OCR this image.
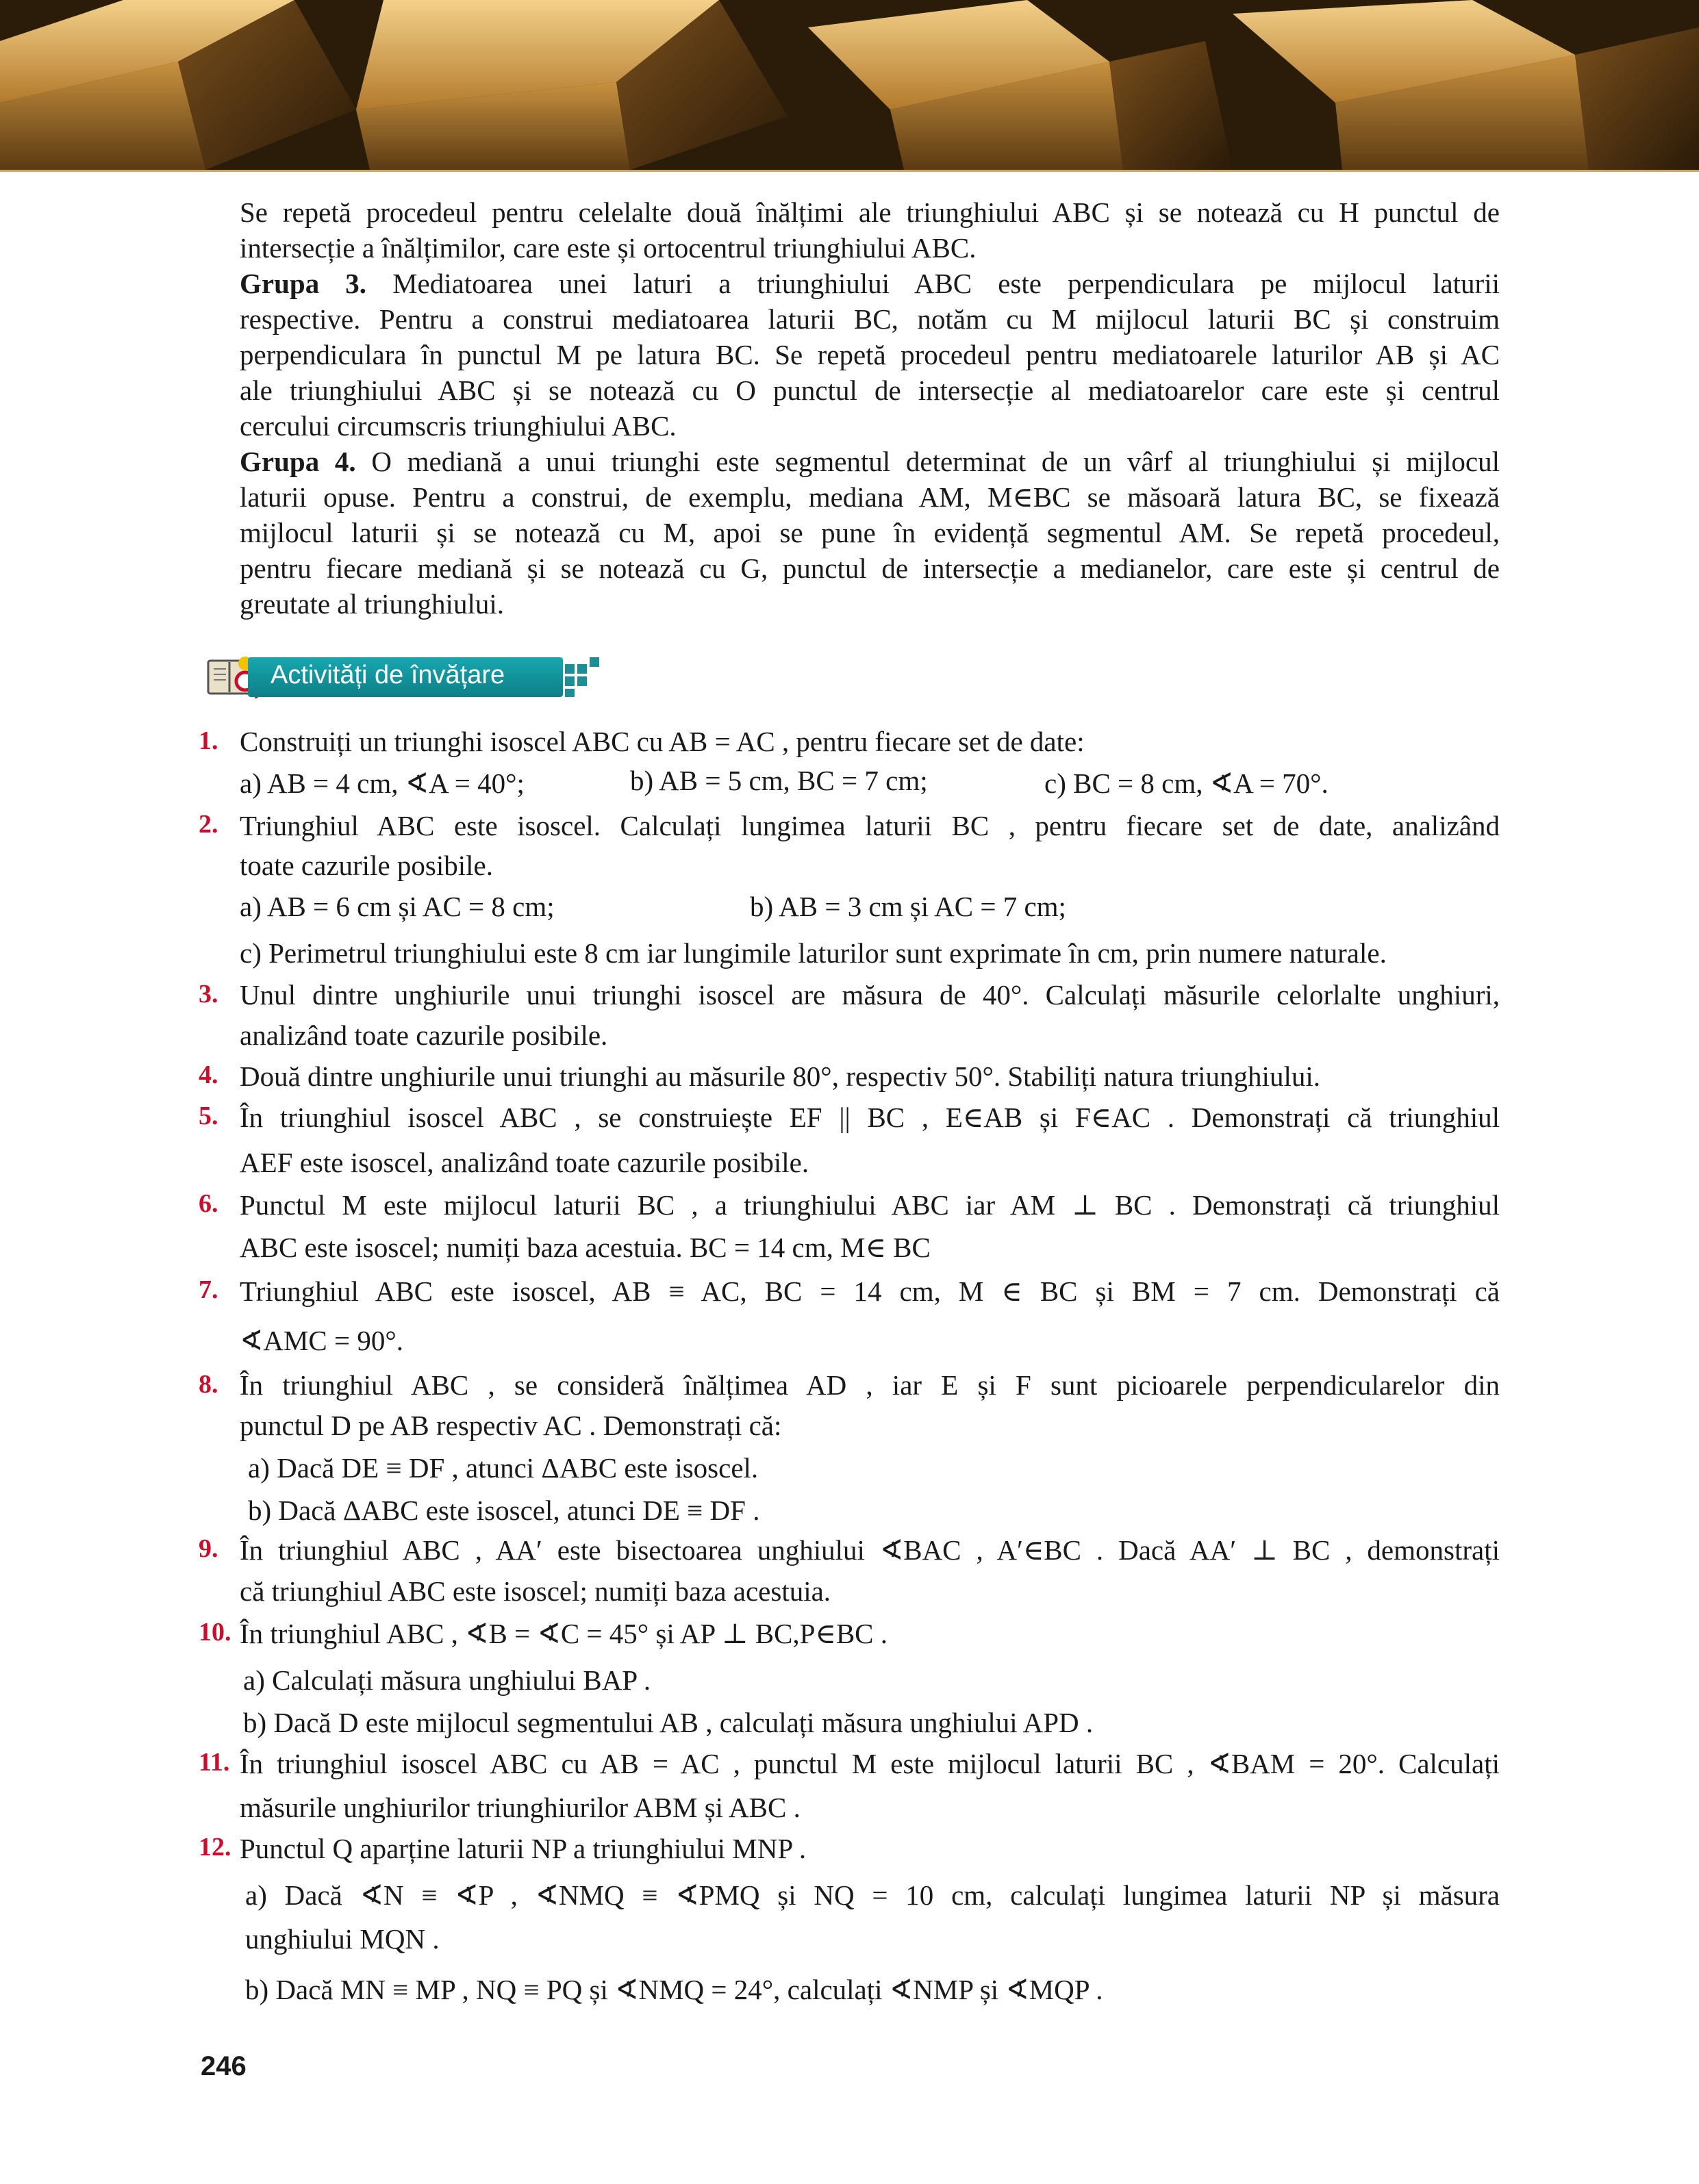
Se repetă procedeul pentru celelalte două înălțimi ale triunghiului ABC și se notează cu H punctul de

intersecție a înălțimilor, care este și ortocentrul triunghiului ABC.

Grupa 3. Mediatoarea unei laturi a triunghiului ABC este perpendiculara pe mijlocul laturii

respective. Pentru a construi mediatoarea laturii BC, notăm cu M mijlocul laturii BC și construim

perpendiculara în punctul M pe latura BC. Se repetă procedeul pentru mediatoarele laturilor AB și AC

ale triunghiului ABC și se notează cu O punctul de intersecție al mediatoarelor care este și centrul

cercului circumscris triunghiului ABC.

Grupa 4. O mediană a unui triunghi este segmentul determinat de un vârf al triunghiului și mijlocul

laturii opuse. Pentru a construi, de exemplu, mediana AM, M∈BC se măsoară latura BC, se fixează

mijlocul laturii și se notează cu M, apoi se pune în evidență segmentul AM. Se repetă procedeul,

pentru fiecare mediană și se notează cu G, punctul de intersecție a medianelor, care este și centrul de

greutate al triunghiului.

Activități de învățare
1. Construiți un triunghi isoscel ABC cu AB = AC , pentru fiecare set de date:

a) AB = 4 cm, ∢A = 40°;	b) AB = 5 cm, BC = 7 cm;	c) BC = 8 cm, ∢A = 70°.
2. Triunghiul ABC este isoscel. Calculați lungimea laturii BC , pentru fiecare set de date, analizând

toate cazurile posibile.

a) AB = 6 cm și AC = 8 cm;	b) AB = 3 cm și AC = 7 cm;
c) Perimetrul triunghiului este 8 cm iar lungimile laturilor sunt exprimate în cm, prin numere naturale.
3. Unul dintre unghiurile unui triunghi isoscel are măsura de 40°. Calculați măsurile celorlalte unghiuri,

analizând toate cazurile posibile.

4. Două dintre unghiurile unui triunghi au măsurile 80°, respectiv 50°. Stabiliți natura triunghiului.

5. În triunghiul isoscel ABC , se construiește EF || BC , E∈AB și F∈AC . Demonstrați că triunghiul

AEF este isoscel, analizând toate cazurile posibile.

6. Punctul M este mijlocul laturii BC , a triunghiului ABC iar AM ⊥ BC . Demonstrați că triunghiul

ABC este isoscel; numiți baza acestuia. BC = 14 cm, M∈ BC

7. Triunghiul ABC este isoscel, AB ≡ AC, BC = 14 cm, M ∈ BC și BM = 7 cm. Demonstrați că

∢AMC = 90°.

8. În triunghiul ABC , se consideră înălțimea AD , iar E și F sunt picioarele perpendicularelor din

punctul D pe AB respectiv AC . Demonstrați că:

a) Dacă DE ≡ DF , atunci ΔABC este isoscel.
b) Dacă ΔABC este isoscel, atunci DE ≡ DF .
9. În triunghiul ABC , AA′ este bisectoarea unghiului ∢BAC , A′∈BC . Dacă AA′ ⊥ BC , demonstrați

că triunghiul ABC este isoscel; numiți baza acestuia.

10. În triunghiul ABC , ∢B = ∢C = 45° și AP ⊥ BC,P∈BC .

a) Calculați măsura unghiului BAP .
b) Dacă D este mijlocul segmentului AB , calculați măsura unghiului APD .
11. În triunghiul isoscel ABC cu AB = AC , punctul M este mijlocul laturii BC , ∢BAM = 20°. Calculați

măsurile unghiurilor triunghiurilor ABM și ABC .

12. Punctul Q aparține laturii NP a triunghiului MNP .

a) Dacă ∢N ≡ ∢P , ∢NMQ ≡ ∢PMQ și NQ = 10 cm, calculați lungimea laturii NP și măsura

unghiului MQN .

b) Dacă MN ≡ MP , NQ ≡ PQ și ∢NMQ = 24°, calculați ∢NMP și ∢MQP .
246
